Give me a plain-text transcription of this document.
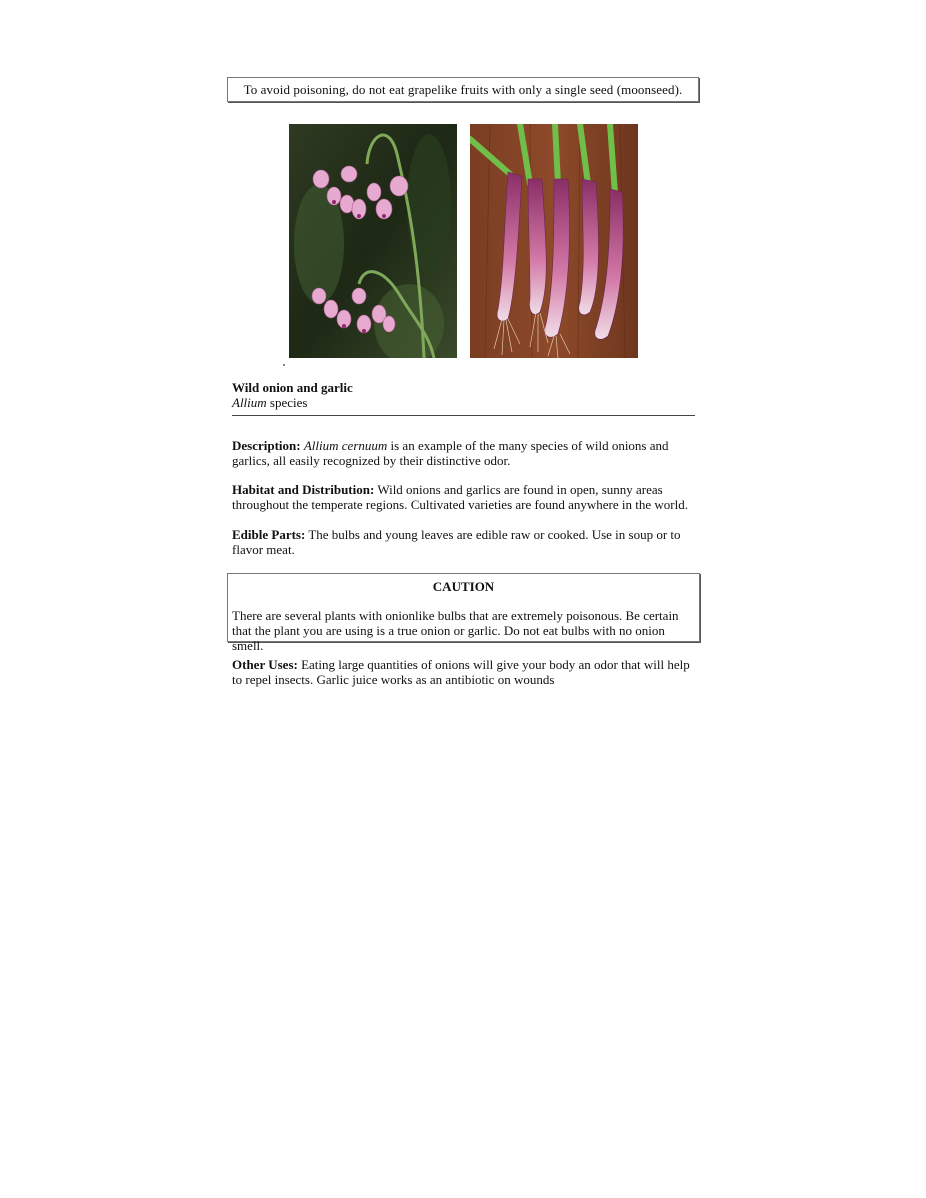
To avoid poisoning, do not eat grapelike fruits with only a single seed (moonseed).
Wild onion and garlic
Allium species
Description: Allium cernuum is an example of the many species of wild onions and garlics, all easily recognized by their distinctive odor.
Habitat and Distribution: Wild onions and garlics are found in open, sunny areas throughout the temperate regions. Cultivated varieties are found anywhere in the world.
Edible Parts: The bulbs and young leaves are edible raw or cooked. Use in soup or to flavor meat.
CAUTION
There are several plants with onionlike bulbs that are extremely poisonous. Be certain that the plant you are using is a true onion or garlic. Do not eat bulbs with no onion smell.
Other Uses: Eating large quantities of onions will give your body an odor that will help to repel insects. Garlic juice works as an antibiotic on wounds
